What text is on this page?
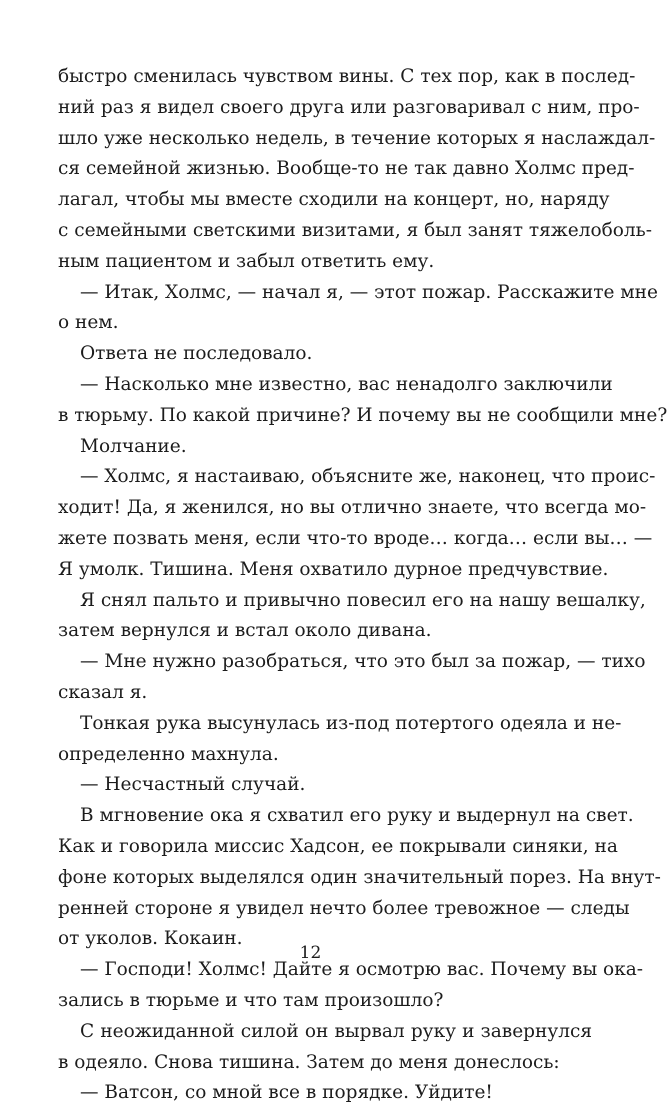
быстро сменилась чувством вины. С тех пор, как в послед-
ний раз я видел своего друга или разговаривал с ним, про-
шло уже несколько недель, в течение которых я наслаждал-
ся семейной жизнью. Вообще-то не так давно Холмс пред-
лагал, чтобы мы вместе сходили на концерт, но, наряду
с семейными светскими визитами, я был занят тяжелоболь-
ным пациентом и забыл ответить ему.
— Итак, Холмс, — начал я, — этот пожар. Расскажите мне
о нем.
Ответа не последовало.
— Насколько мне известно, вас ненадолго заключили
в тюрьму. По какой причине? И почему вы не сообщили мне?
Молчание.
— Холмс, я настаиваю, объясните же, наконец, что проис-
ходит! Да, я женился, но вы отлично знаете, что всегда мо-
жете позвать меня, если что-то вроде… когда… если вы… —
Я умолк. Тишина. Меня охватило дурное предчувствие.
Я снял пальто и привычно повесил его на нашу вешалку,
затем вернулся и встал около дивана.
— Мне нужно разобраться, что это был за пожар, — тихо
сказал я.
Тонкая рука высунулась из-под потертого одеяла и не-
определенно махнула.
— Несчастный случай.
В мгновение ока я схватил его руку и выдернул на свет.
Как и говорила миссис Хадсон, ее покрывали синяки, на
фоне которых выделялся один значительный порез. На внут-
ренней стороне я увидел нечто более тревожное — следы
от уколов. Кокаин.
— Господи! Холмс! Дайте я осмотрю вас. Почему вы ока-
зались в тюрьме и что там произошло?
С неожиданной силой он вырвал руку и завернулся
в одеяло. Снова тишина. Затем до меня донеслось:
— Ватсон, со мной все в порядке. Уйдите!
12
